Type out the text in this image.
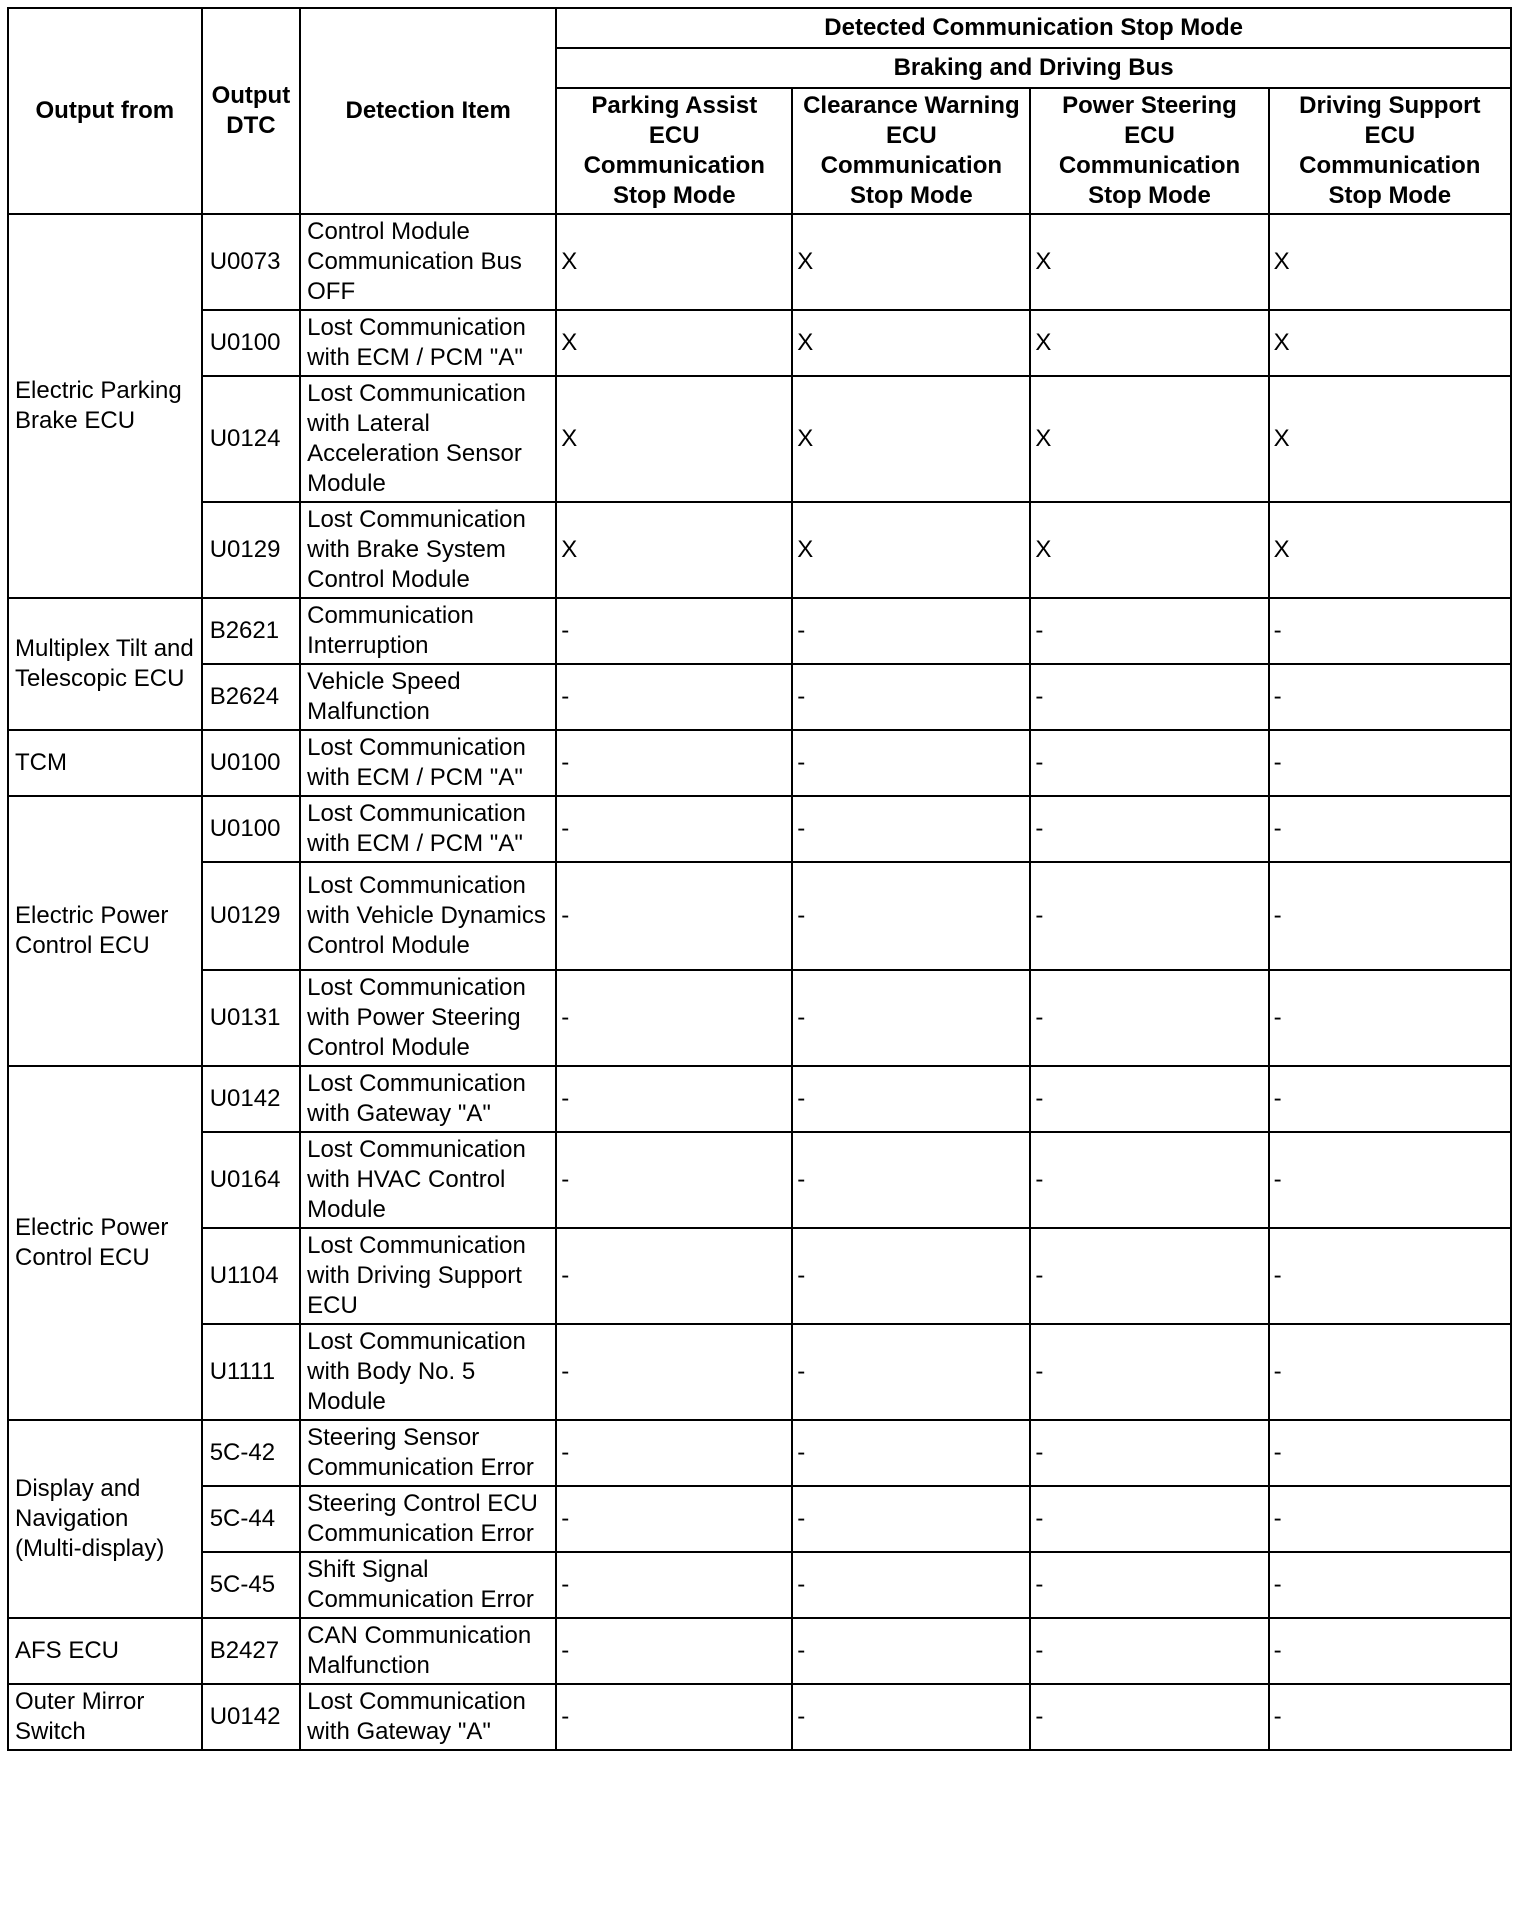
Output from	Output DTC	Detection Item	Detected Communication Stop Mode			
			Braking and Driving Bus			
			Parking Assist ECU Communication Stop Mode	Clearance Warning ECU Communication Stop Mode	Power Steering ECU Communication Stop Mode	Driving Support ECU Communication Stop Mode
Electric Parking Brake ECU	U0073	Control Module Communication Bus OFF	X	X	X	X
	U0100	Lost Communication with ECM / PCM "A"	X	X	X	X
	U0124	Lost Communication with Lateral Acceleration Sensor Module	X	X	X	X
	U0129	Lost Communication with Brake System Control Module	X	X	X	X
Multiplex Tilt and Telescopic ECU	B2621	Communication Interruption	-	-	-	-
	B2624	Vehicle Speed Malfunction	-	-	-	-
TCM	U0100	Lost Communication with ECM / PCM "A"	-	-	-	-
Electric Power Control ECU	U0100	Lost Communication with ECM / PCM "A"	-	-	-	-
	U0129	Lost Communication with Vehicle Dynamics Control Module	-	-	-	-
	U0131	Lost Communication with Power Steering Control Module	-	-	-	-
Electric Power Control ECU	U0142	Lost Communication with Gateway "A"	-	-	-	-
	U0164	Lost Communication with HVAC Control Module	-	-	-	-
	U1104	Lost Communication with Driving Support ECU	-	-	-	-
	U1111	Lost Communication with Body No. 5 Module	-	-	-	-
Display and Navigation (Multi-display)	5C-42	Steering Sensor Communication Error	-	-	-	-
	5C-44	Steering Control ECU Communication Error	-	-	-	-
	5C-45	Shift Signal Communication Error	-	-	-	-
AFS ECU	B2427	CAN Communication Malfunction	-	-	-	-
Outer Mirror Switch	U0142	Lost Communication with Gateway "A"	-	-	-	-
